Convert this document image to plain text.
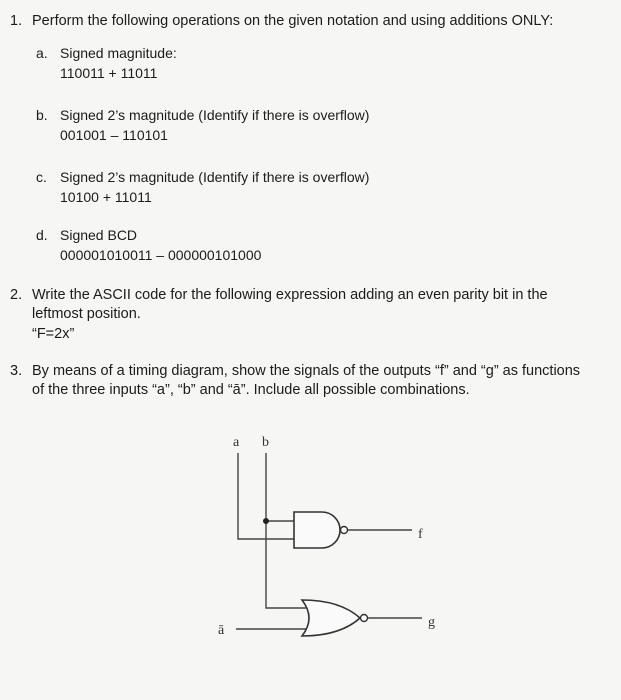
1. Perform the following operations on the given notation and using additions ONLY:
a. Signed magnitude:
110011 + 11011
b. Signed 2’s magnitude (Identify if there is overflow)
001001 – 110101
c. Signed 2’s magnitude (Identify if there is overflow)
10100 + 11011
d. Signed BCD
000001010011 – 000000101000
2. Write the ASCII code for the following expression adding an even parity bit in the
leftmost position.
“F=2x”
3. By means of a timing diagram, show the signals of the outputs “f” and “g” as functions
of the three inputs “a”, “b” and “ā”. Include all possible combinations.
a b
ā
f
g
